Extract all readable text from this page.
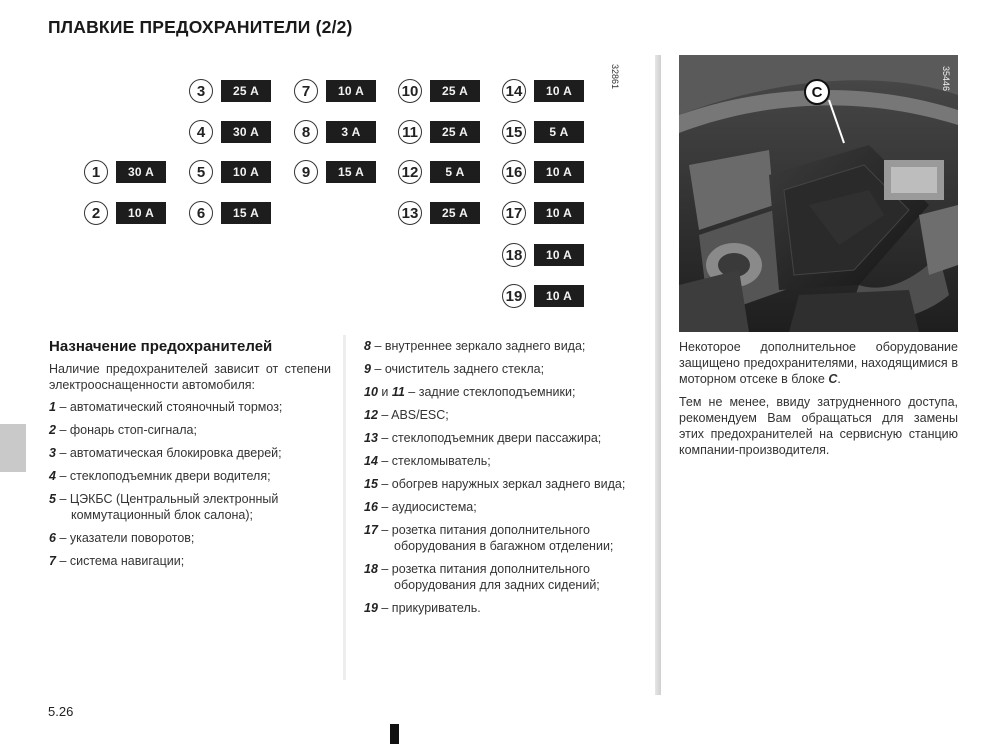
ПЛАВКИЕ ПРЕДОХРАНИТЕЛИ (2/2)
1	30 A
2	10 A
3	25 A
4	30 A
5	10 A
6	15 A
7	10 A
8	3 A
9	15 A
10	25 A
11	25 A
12	5 A
13	25 A
14	10 A
15	5 A
16	10 A
17	10 A
18	10 A
19	10 A
32861	35446
C
Назначение предохранителей
Наличие предохранителей зависит от степени электрооснащенности автомобиля:
1 – автоматический стояночный тормоз;
2 – фонарь стоп-сигнала;
3 – автоматическая блокировка дверей;
4 – стеклоподъемник двери водителя;
5 – ЦЭКБС (Центральный электронный коммутационный блок салона);
6 – указатели поворотов;
7 – система навигации;
8 – внутреннее зеркало заднего вида;
9 – очиститель заднего стекла;
10 и 11 – задние стеклоподъемники;
12 – ABS/ESC;
13 – стеклоподъемник двери пассажира;
14 – стекломыватель;
15 – обогрев наружных зеркал заднего вида;
16 – аудиосистема;
17 – розетка питания дополнительного оборудования в багажном отделении;
18 – розетка питания дополнительного оборудования для задних сидений;
19 – прикуриватель.

Некоторое дополнительное оборудование защищено предохранителями, находящимися в моторном отсеке в блоке C.

Тем не менее, ввиду затрудненного доступа, рекомендуем Вам обращаться для замены этих предохранителей на сервисную станцию компании-производителя.

5.26
